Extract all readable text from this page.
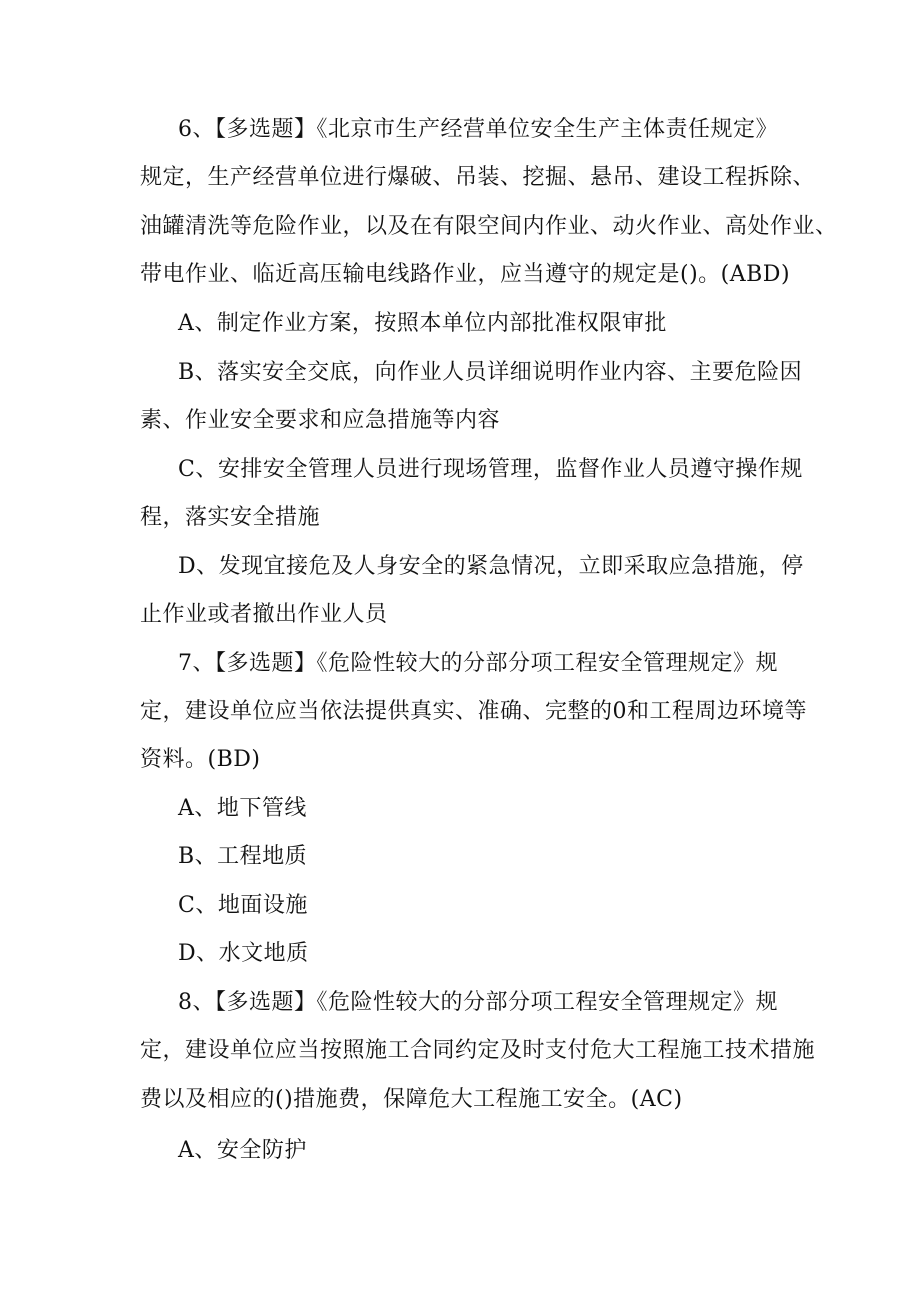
6、【多选题】《北京市生产经营单位安全生产主体责任规定》
规定，生产经营单位进行爆破、吊装、挖掘、悬吊、建设工程拆除、
油罐清洗等危险作业，以及在有限空间内作业、动火作业、高处作业、
带电作业、临近高压输电线路作业，应当遵守的规定是()。(ABD)
A、制定作业方案，按照本单位内部批准权限审批
B、落实安全交底，向作业人员详细说明作业内容、主要危险因
素、作业安全要求和应急措施等内容
C、安排安全管理人员进行现场管理，监督作业人员遵守操作规
程，落实安全措施
D、发现宜接危及人身安全的紧急情况，立即采取应急措施，停
止作业或者撤出作业人员
7、【多选题】《危险性较大的分部分项工程安全管理规定》规
定，建设单位应当依法提供真实、准确、完整的0和工程周边环境等
资料。(BD)
A、地下管线
B、工程地质
C、地面设施
D、水文地质
8、【多选题】《危险性较大的分部分项工程安全管理规定》规
定，建设单位应当按照施工合同约定及时支付危大工程施工技术措施
费以及相应的()措施费，保障危大工程施工安全。(AC)
A、安全防护
